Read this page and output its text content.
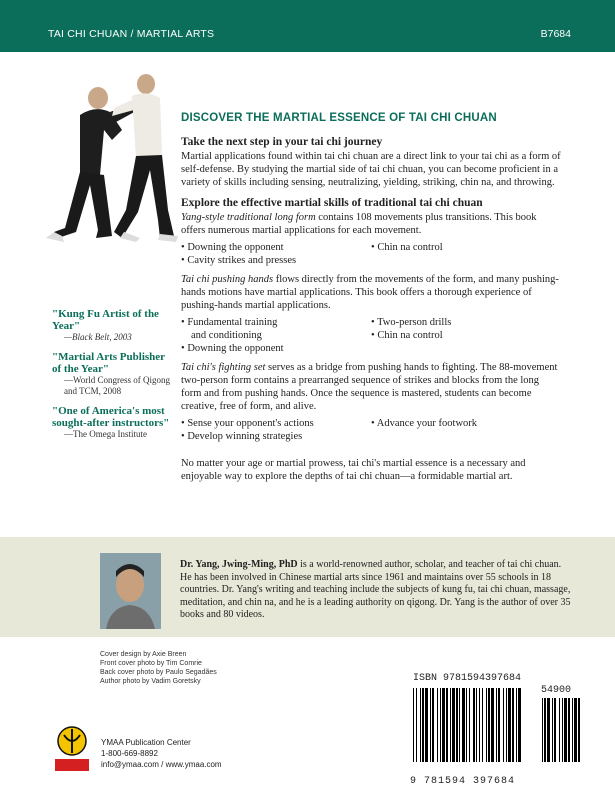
TAI CHI CHUAN / MARTIAL ARTS	B7684
"Kung Fu Artist of the Year"
—Black Belt, 2003
"Martial Arts Publisher of the Year"
—World Congress of Qigong and TCM, 2008
"One of America's most sought-after instructors"
—The Omega Institute
DISCOVER THE MARTIAL ESSENCE OF TAI CHI CHUAN
Take the next step in your tai chi journey

Martial applications found within tai chi chuan are a direct link to your tai chi as a form of self-defense. By studying the martial side of tai chi chuan, you can become proficient in a variety of skills including sensing, neutralizing, yielding, striking, chin na, and throwing.

Explore the effective martial skills of traditional tai chi chuan

Yang-style traditional long form contains 108 movements plus transitions. This book offers numerous martial applications for each movement.

• Downing the opponent	• Chin na control
• Cavity strikes and presses

Tai chi pushing hands flows directly from the movements of the form, and many pushing-hands motions have martial applications. This book offers a thorough experience of pushing-hands martial applications.

• Fundamental training	• Two-person drills
and conditioning	• Chin na control
• Downing the opponent

Tai chi's fighting set serves as a bridge from pushing hands to fighting. The 88-movement two-person form contains a prearranged sequence of strikes and blocks from the long form and from pushing hands. Once the sequence is mastered, students can become creative, free of form, and alive.

• Sense your opponent's actions	• Advance your footwork
• Develop winning strategies

No matter your age or martial prowess, tai chi's martial essence is a necessary and enjoyable way to explore the depths of tai chi chuan—a formidable martial art.

Dr. Yang, Jwing-Ming, PhD is a world-renowned author, scholar, and teacher of tai chi chuan. He has been involved in Chinese martial arts since 1961 and maintains over 55 schools in 18 countries. Dr. Yang's writing and teaching include the subjects of kung fu, tai chi chuan, massage, meditation, and chin na, and he is a leading authority on qigong. Dr. Yang is the author of over 35 books and 80 videos.
Cover design by Axie Breen
Front cover photo by Tim Comrie
Back cover photo by Paulo Segadães
Author photo by Vadim Goretsky
YMAA Publication Center
1-800-669-8892
info@ymaa.com / www.ymaa.com
ISBN 9781594397684
54900
9 781594 397684
